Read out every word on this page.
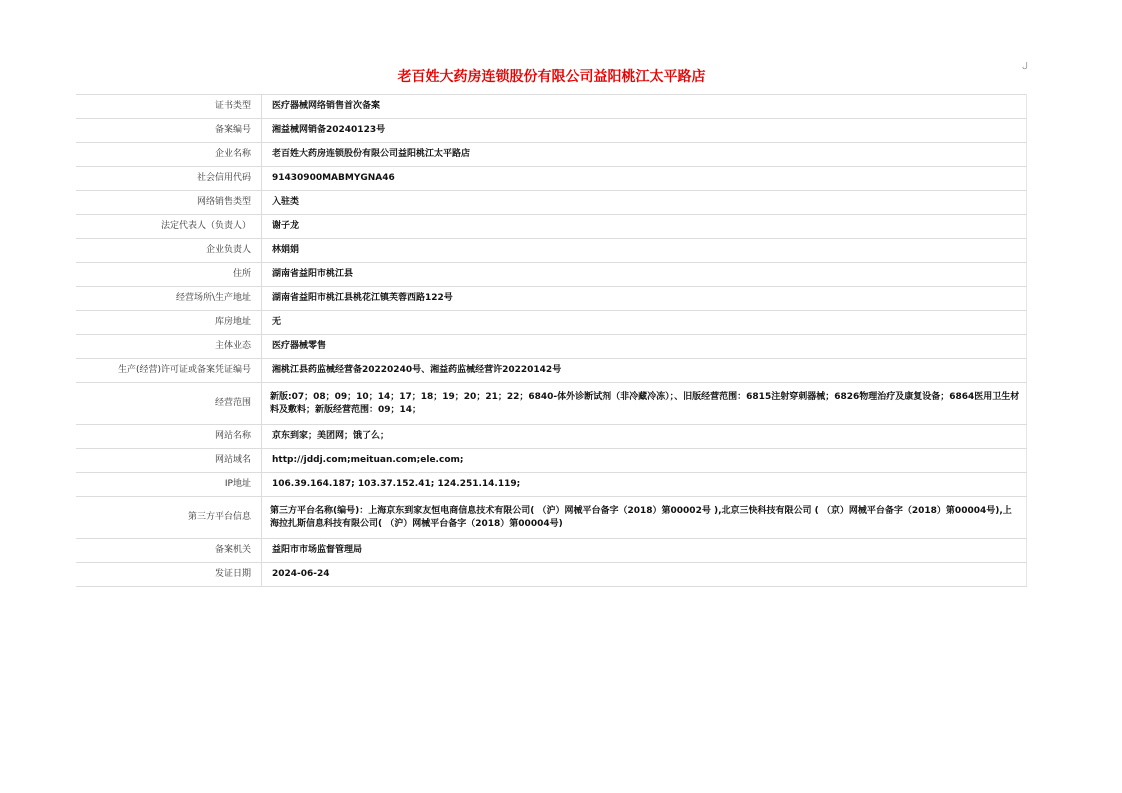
老百姓大药房连锁股份有限公司益阳桃江太平路店
ل
证书类型	医疗器械网络销售首次备案
备案编号	湘益械网销备20240123号
企业名称	老百姓大药房连锁股份有限公司益阳桃江太平路店
社会信用代码	91430900MABMYGNA46
网络销售类型	入驻类
法定代表人（负责人）	谢子龙
企业负责人	林娟娟
住所	湖南省益阳市桃江县
经营场所\生产地址	湖南省益阳市桃江县桃花江镇芙蓉西路122号
库房地址	无
主体业态	医疗器械零售
生产(经营)许可证或备案凭证编号	湘桃江县药监械经营备20220240号、湘益药监械经营许20220142号
经营范围	新版:07；08；09；10；14；17；18；19；20；21；22；6840-体外诊断试剂（非冷藏冷冻）；、旧版经营范围：6815注射穿刺器械；6826物理治疗及康复设备；6864医用卫生材料及敷料；新版经营范围：09；14；
网站名称	京东到家；美团网；饿了么；
网站域名	http://jddj.com;meituan.com;ele.com;
IP地址	106.39.164.187; 103.37.152.41; 124.251.14.119;
第三方平台信息	第三方平台名称(编号)：上海京东到家友恒电商信息技术有限公司( （沪）网械平台备字（2018）第00002号 ),北京三快科技有限公司 ( （京）网械平台备字（2018）第00004号),上海拉扎斯信息科技有限公司( （沪）网械平台备字（2018）第00004号)
备案机关	益阳市市场监督管理局
发证日期	2024-06-24
